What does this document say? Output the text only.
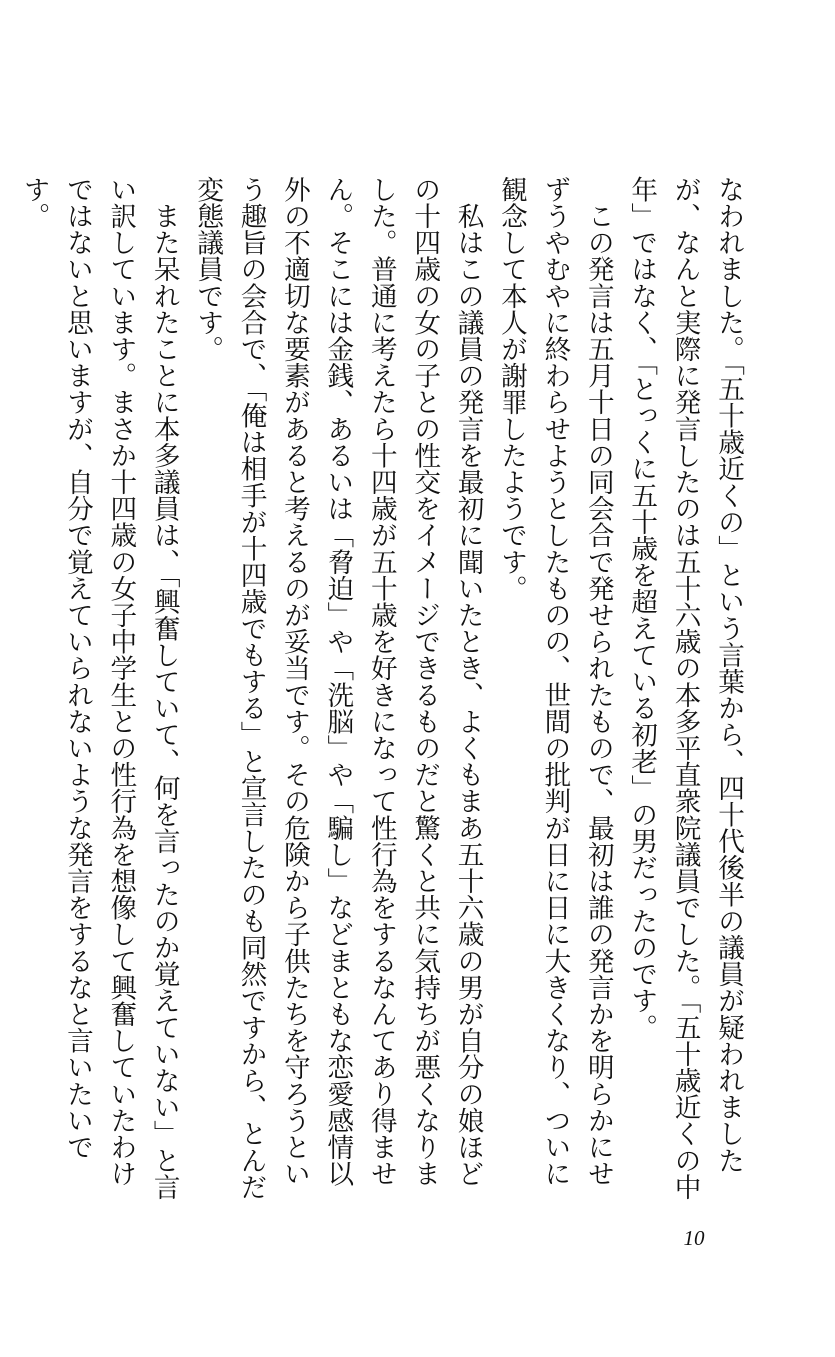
なわれました。「五十歳近くの」という言葉から、四十代後半の議員が疑われましたが、なんと実際に発言したのは五十六歳の本多平直衆院議員でした。「五十歳近くの中年」ではなく、「とっくに五十歳を超えている初老」の男だったのです。

　この発言は五月十日の同会合で発せられたもので、最初は誰の発言かを明らかにせずうやむやに終わらせようとしたものの、世間の批判が日に日に大きくなり、ついに観念して本人が謝罪したようです。

　私はこの議員の発言を最初に聞いたとき、よくもまあ五十六歳の男が自分の娘ほどの十四歳の女の子との性交をイメージできるものだと驚くと共に気持ちが悪くなりました。普通に考えたら十四歳が五十歳を好きになって性行為をするなんてあり得ません。そこには金銭、あるいは「脅迫」や「洗脳」や「騙し」などまともな恋愛感情以外の不適切な要素があると考えるのが妥当です。その危険から子供たちを守ろうという趣旨の会合で、「俺は相手が十四歳でもする」と宣言したのも同然ですから、とんだ変態議員です。

　また呆れたことに本多議員は、「興奮していて、何を言ったのか覚えていない」と言い訳しています。まさか十四歳の女子中学生との性行為を想像して興奮していたわけではないと思いますが、自分で覚えていられないような発言をするなと言いたいです。

10
